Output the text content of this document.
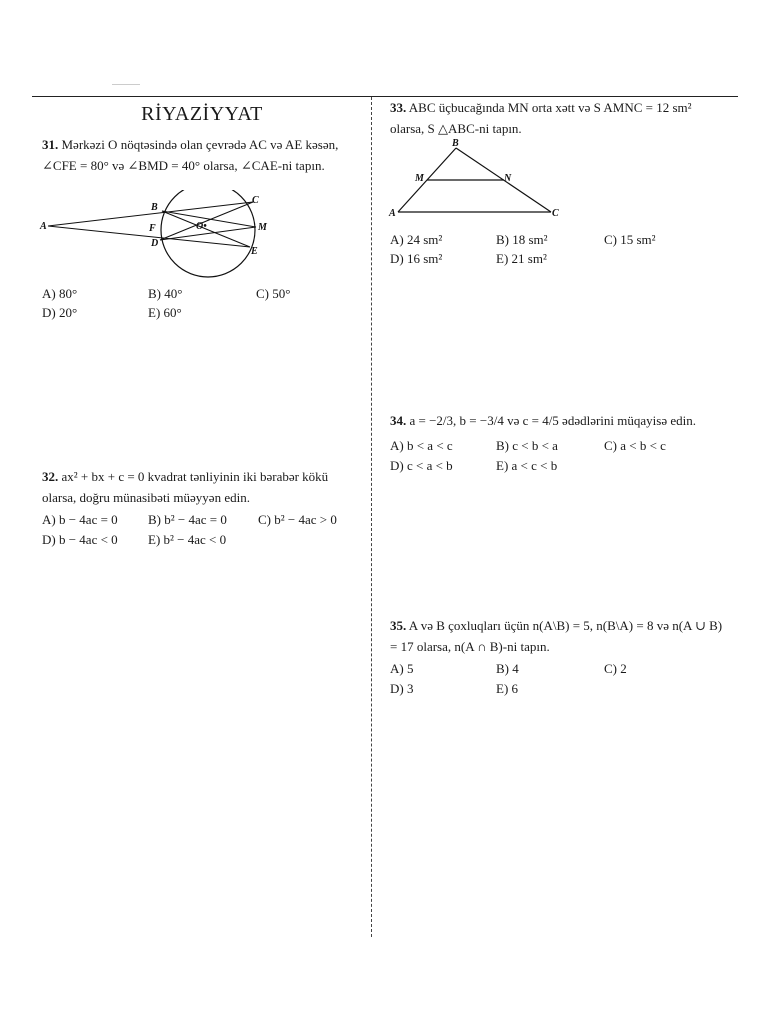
RİYAZİYYAT
31. Mərkəzi O nöqtəsində olan çevrədə AC və AE kəsən, ∠CFE = 80° və ∠BMD = 40° olarsa, ∠CAE-ni tapın.
A
B
C
F	O•	M
D
E
A) 80°	B) 40°	C) 50°
D) 20°	E) 60°
32. ax² + bx + c = 0 kvadrat tənliyinin iki bərabər kökü olarsa, doğru münasibəti müəyyən edin.
A) b − 4ac = 0 B) b² − 4ac = 0 C) b² − 4ac > 0
D) b − 4ac < 0 E) b² − 4ac < 0
33. ABC üçbucağında MN orta xətt və S AMNC = 12 sm² olarsa, S △ABC-ni tapın.
B
M	N
A	C
A) 24 sm²	B) 18 sm²	C) 15 sm²
D) 16 sm²	E) 21 sm²
34. a = −2/3, b = −3/4 və c = 4/5 ədədlərini müqayisə edin.
A) b < a < c	B) c < b < a	C) a < b < c
D) c < a < b	E) a < c < b
35. A və B çoxluqları üçün n(A\B) = 5, n(B\A) = 8 və n(A ∪ B) = 17 olarsa, n(A ∩ B)-ni tapın.
A) 5	B) 4	C) 2
D) 3	E) 6
